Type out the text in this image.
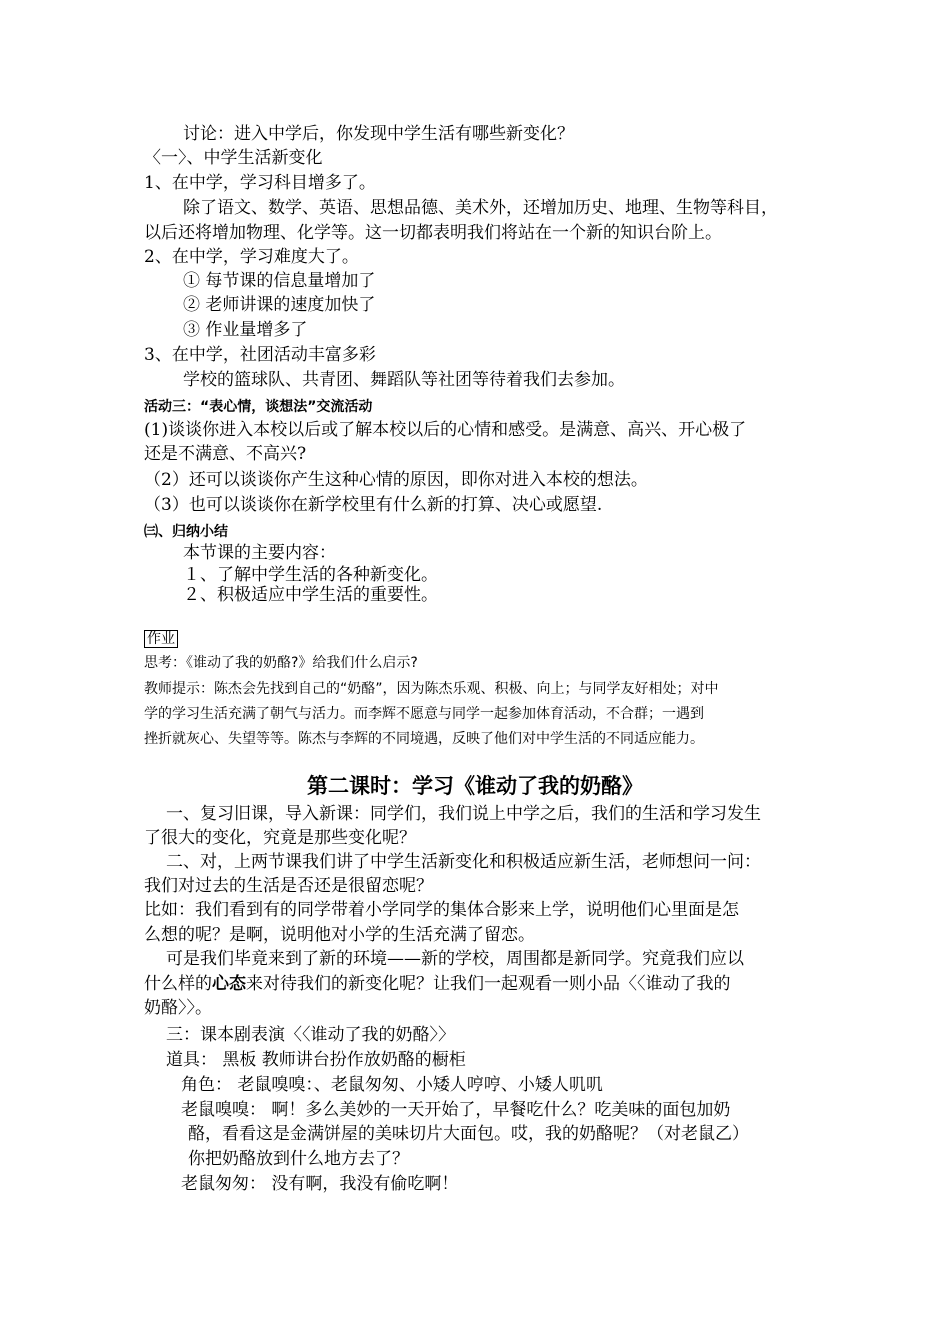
讨论：进入中学后，你发现中学生活有哪些新变化？
〈一〉、中学生活新变化
1、在中学，学习科目增多了。
除了语文、数学、英语、思想品德、美术外，还增加历史、地理、生物等科目，
以后还将增加物理、化学等。这一切都表明我们将站在一个新的知识台阶上。
2、在中学，学习难度大了。
① 每节课的信息量增加了
② 老师讲课的速度加快了
③ 作业量增多了
3、在中学，社团活动丰富多彩
学校的篮球队、共青团、舞蹈队等社团等待着我们去参加。
活动三：“表心情，谈想法”交流活动
(1)谈谈你进入本校以后或了解本校以后的心情和感受。是满意、高兴、开心极了
还是不满意、不高兴?
（2）还可以谈谈你产生这种心情的原因，即你对进入本校的想法。
（3）也可以谈谈你在新学校里有什么新的打算、决心或愿望.
㈢、归纳小结
本节课的主要内容：
１、了解中学生活的各种新变化。
２、积极适应中学生活的重要性。
作业
思考：《谁动了我的奶酪?》给我们什么启示?
教师提示：陈杰会先找到自己的“奶酪”，因为陈杰乐观、积极、向上；与同学友好相处；对中
学的学习生活充满了朝气与活力。而李辉不愿意与同学一起参加体育活动，不合群；一遇到
挫折就灰心、失望等等。陈杰与李辉的不同境遇，反映了他们对中学生活的不同适应能力。
第二课时：学习《谁动了我的奶酪》
一、复习旧课，导入新课：同学们，我们说上中学之后，我们的生活和学习发生
了很大的变化，究竟是那些变化呢？
二、对，上两节课我们讲了中学生活新变化和积极适应新生活，老师想问一问：
我们对过去的生活是否还是很留恋呢？
比如：我们看到有的同学带着小学同学的集体合影来上学，说明他们心里面是怎
么想的呢？是啊，说明他对小学的生活充满了留恋。
可是我们毕竟来到了新的环境——新的学校，周围都是新同学。究竟我们应以
什么样的心态来对待我们的新变化呢？让我们一起观看一则小品〈〈谁动了我的
奶酪〉〉。
三：课本剧表演〈〈谁动了我的奶酪〉〉
道具： 黑板 教师讲台扮作放奶酪的橱柜
角色： 老鼠嗅嗅：、老鼠匆匆、小矮人哼哼、小矮人叽叽
老鼠嗅嗅： 啊！多么美妙的一天开始了，早餐吃什么？吃美味的面包加奶
酪，看看这是金满饼屋的美味切片大面包。哎，我的奶酪呢？（对老鼠乙）
你把奶酪放到什么地方去了？
老鼠匆匆： 没有啊，我没有偷吃啊！
